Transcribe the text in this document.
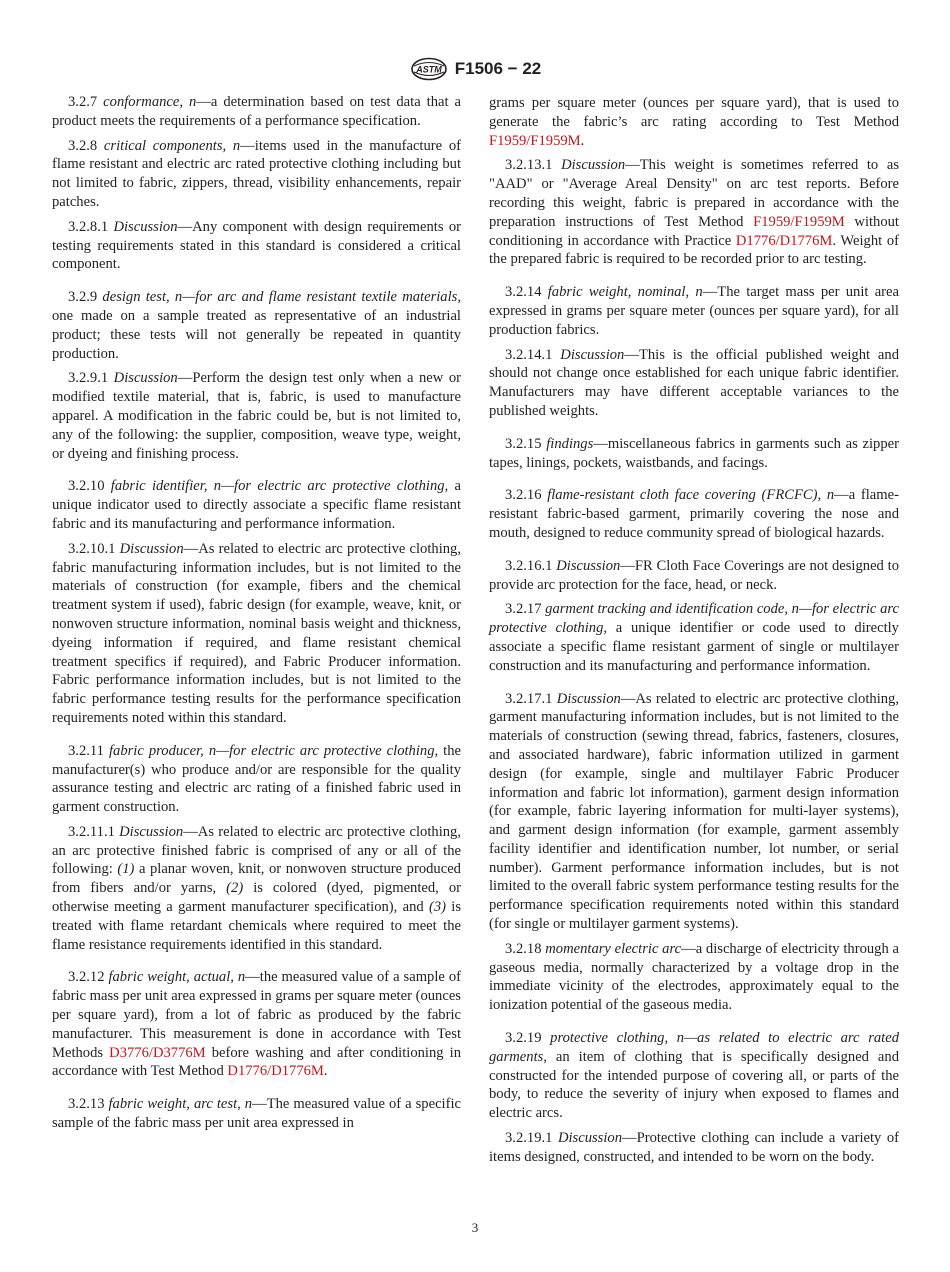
ASTM F1506 − 22

3.2.7 conformance, n—a determination based on test data that a product meets the requirements of a performance specification.

3.2.8 critical components, n—items used in the manufacture of flame resistant and electric arc rated protective clothing including but not limited to fabric, zippers, thread, visibility enhancements, repair patches.

3.2.8.1 Discussion—Any component with design requirements or testing requirements stated in this standard is considered a critical component.

3.2.9 design test, n—for arc and flame resistant textile materials, one made on a sample treated as representative of an industrial product; these tests will not generally be repeated in quantity production.

3.2.9.1 Discussion—Perform the design test only when a new or modified textile material, that is, fabric, is used to manufacture apparel. A modification in the fabric could be, but is not limited to, any of the following: the supplier, composition, weave type, weight, or dyeing and finishing process.

3.2.10 fabric identifier, n—for electric arc protective clothing, a unique indicator used to directly associate a specific flame resistant fabric and its manufacturing and performance information.

3.2.10.1 Discussion—As related to electric arc protective clothing, fabric manufacturing information includes, but is not limited to the materials of construction (for example, fibers and the chemical treatment system if used), fabric design (for example, weave, knit, or nonwoven structure information, nominal basis weight and thickness, dyeing information if required, and flame resistant chemical treatment specifics if required), and Fabric Producer information. Fabric performance information includes, but is not limited to the fabric performance testing results for the performance specification requirements noted within this standard.

3.2.11 fabric producer, n—for electric arc protective clothing, the manufacturer(s) who produce and/or are responsible for the quality assurance testing and electric arc rating of a finished fabric used in garment construction.

3.2.11.1 Discussion—As related to electric arc protective clothing, an arc protective finished fabric is comprised of any or all of the following: (1) a planar woven, knit, or nonwoven structure produced from fibers and/or yarns, (2) is colored (dyed, pigmented, or otherwise meeting a garment manufacturer specification), and (3) is treated with flame retardant chemicals where required to meet the flame resistance requirements identified in this standard.

3.2.12 fabric weight, actual, n—the measured value of a sample of fabric mass per unit area expressed in grams per square meter (ounces per square yard), from a lot of fabric as produced by the fabric manufacturer. This measurement is done in accordance with Test Methods D3776/D3776M before washing and after conditioning in accordance with Test Method D1776/D1776M.

3.2.13 fabric weight, arc test, n—The measured value of a specific sample of the fabric mass per unit area expressed in

grams per square meter (ounces per square yard), that is used to generate the fabric’s arc rating according to Test Method F1959/F1959M.

3.2.13.1 Discussion—This weight is sometimes referred to as "AAD" or "Average Areal Density" on arc test reports. Before recording this weight, fabric is prepared in accordance with the preparation instructions of Test Method F1959/F1959M without conditioning in accordance with Practice D1776/D1776M. Weight of the prepared fabric is required to be recorded prior to arc testing.

3.2.14 fabric weight, nominal, n—The target mass per unit area expressed in grams per square meter (ounces per square yard), for all production fabrics.

3.2.14.1 Discussion—This is the official published weight and should not change once established for each unique fabric identifier. Manufacturers may have different acceptable variances to the published weights.

3.2.15 findings—miscellaneous fabrics in garments such as zipper tapes, linings, pockets, waistbands, and facings.

3.2.16 flame-resistant cloth face covering (FRCFC), n—a flame-resistant fabric-based garment, primarily covering the nose and mouth, designed to reduce community spread of biological hazards.

3.2.16.1 Discussion—FR Cloth Face Coverings are not designed to provide arc protection for the face, head, or neck.

3.2.17 garment tracking and identification code, n—for electric arc protective clothing, a unique identifier or code used to directly associate a specific flame resistant garment of single or multilayer construction and its manufacturing and performance information.

3.2.17.1 Discussion—As related to electric arc protective clothing, garment manufacturing information includes, but is not limited to the materials of construction (sewing thread, fabrics, fasteners, closures, and associated hardware), fabric information utilized in garment design (for example, single and multilayer Fabric Producer information and fabric lot information), garment design information (for example, fabric layering information for multi-layer systems), and garment design information (for example, garment assembly facility identifier and identification number, lot number, or serial number). Garment performance information includes, but is not limited to the overall fabric system performance testing results for the performance specification requirements noted within this standard (for single or multilayer garment systems).

3.2.18 momentary electric arc—a discharge of electricity through a gaseous media, normally characterized by a voltage drop in the immediate vicinity of the electrodes, approximately equal to the ionization potential of the gaseous media.

3.2.19 protective clothing, n—as related to electric arc rated garments, an item of clothing that is specifically designed and constructed for the intended purpose of covering all, or parts of the body, to reduce the severity of injury when exposed to flames and electric arcs.

3.2.19.1 Discussion—Protective clothing can include a variety of items designed, constructed, and intended to be worn on the body.

3
